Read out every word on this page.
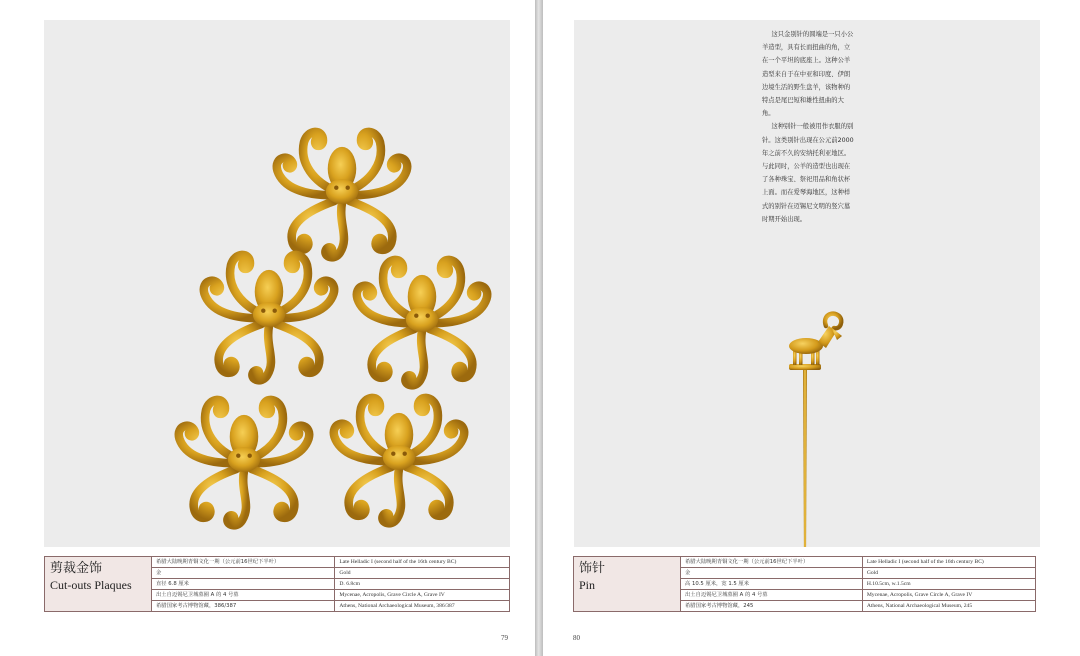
剪裁金饰
Cut-outs Plaques	希腊大陆晚期青铜文化一期（公元前16世纪下半叶）	Late Helladic I (second half of the 16th century BC)
	金	Gold
	直径 6.8 厘米	D. 6.8cm
	出土自迈锡尼卫城墓圈 A 的 4 号墓	Mycenae, Acropolis, Grave Circle A, Grave IV
	希腊国家考古博物馆藏，386/387	Athens, National Archaeological Museum, 386/387
79

这只金别针的圆端是一只小公羊造型，具有长而扭曲的角，立在一个平坦的底座上。这种公羊造型来自于在中亚和印度、伊朗边境生活的野生盘羊，该物种的特点是尾巴短和雄性扭曲的大角。

这种别针一般被用作衣服的别针。这类别针出现在公元前2000年之前不久的安纳托利亚地区。与此同时，公羊的造型也出现在了各种珠宝、祭祀用品和角状杯上面。而在爱琴海地区，这种样式的别针在迈锡尼文明的竖穴墓时期开始出现。

饰针
Pin	希腊大陆晚期青铜文化一期（公元前16世纪下半叶）	Late Helladic I (second half of the 16th century BC)
	金	Gold
	高 10.5 厘米，宽 1.5 厘米	H.10.5cm, w.1.5cm
	出土自迈锡尼卫城墓圈 A 的 4 号墓	Mycenae, Acropolis, Grave Circle A, Grave IV
	希腊国家考古博物馆藏，245	Athens, National Archaeological Museum, 245
80
